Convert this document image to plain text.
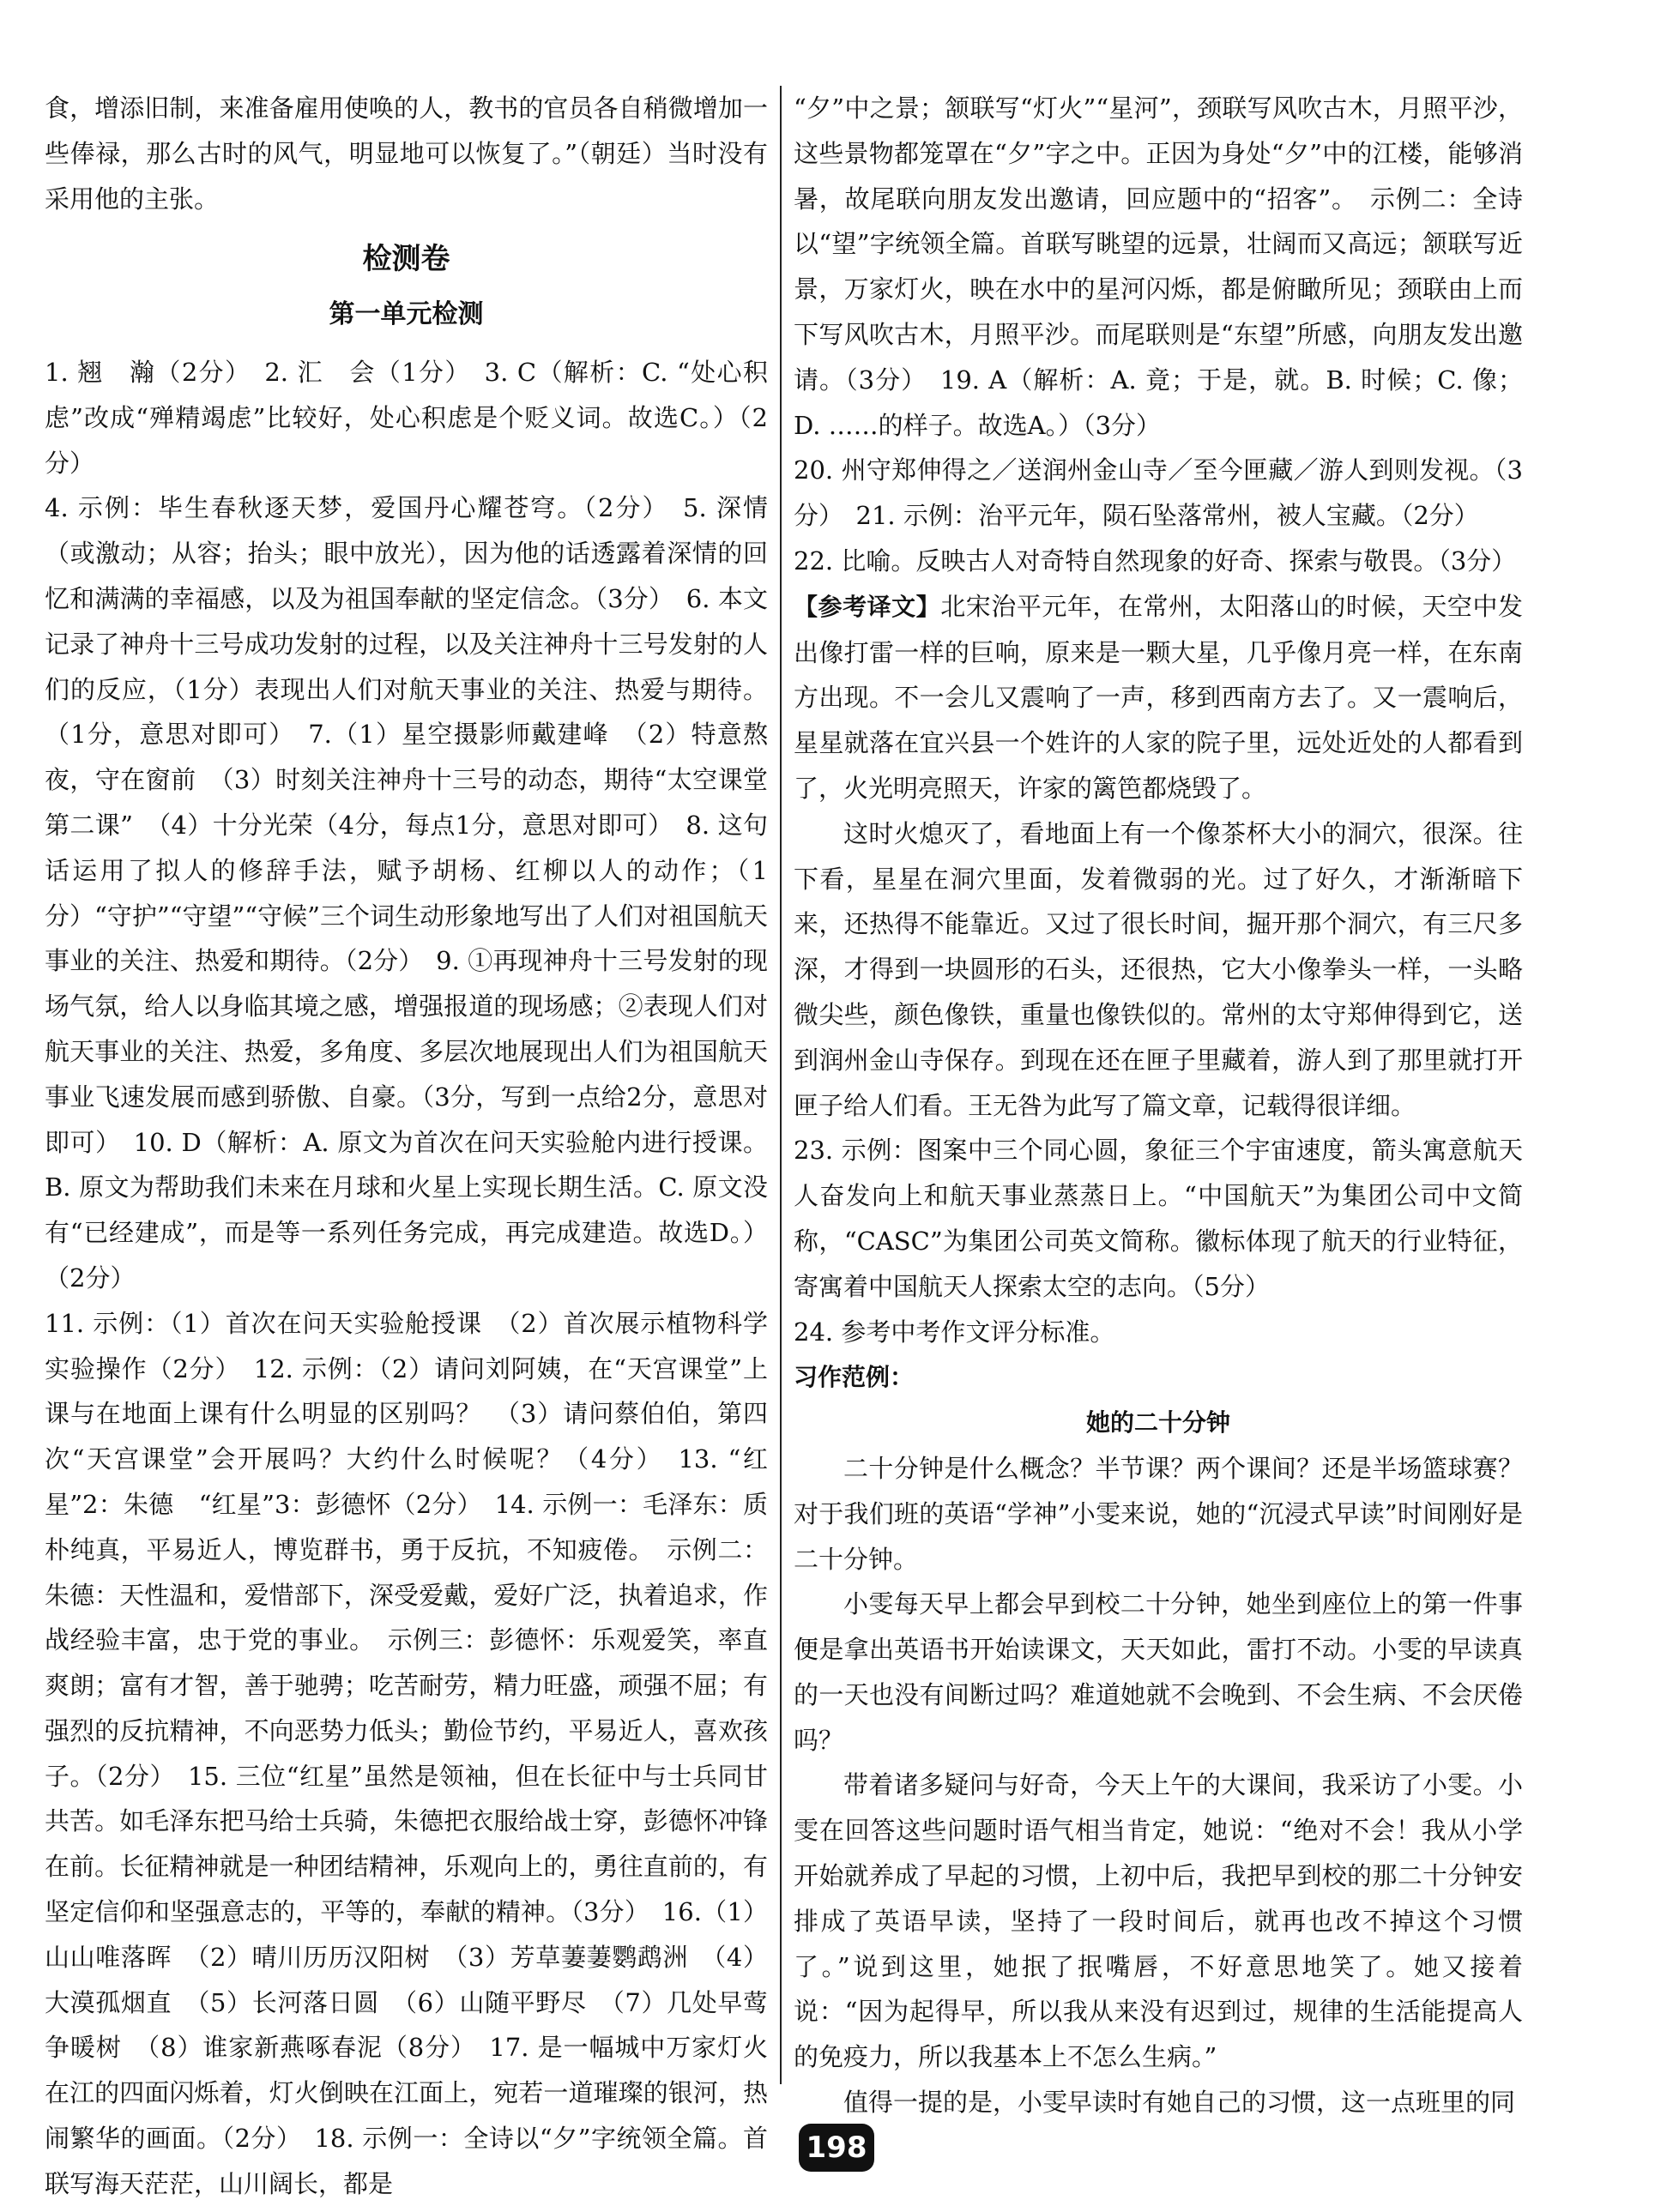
食，增添旧制，来准备雇用使唤的人，教书的官员各自稍微增加一些俸禄，那么古时的风气，明显地可以恢复了。”（朝廷）当时没有采用他的主张。

检测卷
第一单元检测

1. 翘　瀚（2分）　2. 汇　会（1分）　3. C（解析：C. “处心积虑”改成“殚精竭虑”比较好，处心积虑是个贬义词。故选C。）（2分）

4. 示例：毕生春秋逐天梦，爱国丹心耀苍穹。（2分）　5. 深情（或激动；从容；抬头；眼中放光），因为他的话透露着深情的回忆和满满的幸福感，以及为祖国奉献的坚定信念。（3分）　6. 本文记录了神舟十三号成功发射的过程，以及关注神舟十三号发射的人们的反应，（1分）表现出人们对航天事业的关注、热爱与期待。（1分，意思对即可）　7.（1）星空摄影师戴建峰　（2）特意熬夜，守在窗前　（3）时刻关注神舟十三号的动态，期待“太空课堂第二课”　（4）十分光荣（4分，每点1分，意思对即可）　8. 这句话运用了拟人的修辞手法，赋予胡杨、红柳以人的动作；（1分）“守护”“守望”“守候”三个词生动形象地写出了人们对祖国航天事业的关注、热爱和期待。（2分）　9. ①再现神舟十三号发射的现场气氛，给人以身临其境之感，增强报道的现场感；②表现人们对航天事业的关注、热爱，多角度、多层次地展现出人们为祖国航天事业飞速发展而感到骄傲、自豪。（3分，写到一点给2分，意思对即可）　10. D（解析：A. 原文为首次在问天实验舱内进行授课。B. 原文为帮助我们未来在月球和火星上实现长期生活。C. 原文没有“已经建成”，而是等一系列任务完成，再完成建造。故选D。）（2分）

11. 示例：（1）首次在问天实验舱授课　（2）首次展示植物科学实验操作（2分）　12. 示例：（2）请问刘阿姨，在“天宫课堂”上课与在地面上课有什么明显的区别吗？　（3）请问蔡伯伯，第四次“天宫课堂”会开展吗？大约什么时候呢？（4分）　13. “红星”2：朱德　“红星”3：彭德怀（2分）　14. 示例一：毛泽东：质朴纯真，平易近人，博览群书，勇于反抗，不知疲倦。　示例二：朱德：天性温和，爱惜部下，深受爱戴，爱好广泛，执着追求，作战经验丰富，忠于党的事业。　示例三：彭德怀：乐观爱笑，率直爽朗；富有才智，善于驰骋；吃苦耐劳，精力旺盛，顽强不屈；有强烈的反抗精神，不向恶势力低头；勤俭节约，平易近人，喜欢孩子。（2分）　15. 三位“红星”虽然是领袖，但在长征中与士兵同甘共苦。如毛泽东把马给士兵骑，朱德把衣服给战士穿，彭德怀冲锋在前。长征精神就是一种团结精神，乐观向上的，勇往直前的，有坚定信仰和坚强意志的，平等的，奉献的精神。（3分）　16.（1）山山唯落晖　（2）晴川历历汉阳树　（3）芳草萋萋鹦鹉洲　（4）大漠孤烟直　（5）长河落日圆　（6）山随平野尽　（7）几处早莺争暖树　（8）谁家新燕啄春泥（8分）　17. 是一幅城中万家灯火在江的四面闪烁着，灯火倒映在江面上，宛若一道璀璨的银河，热闹繁华的画面。（2分）　18. 示例一：全诗以“夕”字统领全篇。首联写海天茫茫，山川阔长，都是

“夕”中之景；颔联写“灯火”“星河”，颈联写风吹古木，月照平沙，这些景物都笼罩在“夕”字之中。正因为身处“夕”中的江楼，能够消暑，故尾联向朋友发出邀请，回应题中的“招客”。　示例二：全诗以“望”字统领全篇。首联写眺望的远景，壮阔而又高远；颔联写近景，万家灯火，映在水中的星河闪烁，都是俯瞰所见；颈联由上而下写风吹古木，月照平沙。而尾联则是“东望”所感，向朋友发出邀请。（3分）　19. A（解析：A. 竟；于是，就。B. 时候；C. 像；D. ……的样子。故选A。）（3分）

20. 州守郑伸得之／送润州金山寺／至今匣藏／游人到则发视。（3分）　21. 示例：治平元年，陨石坠落常州，被人宝藏。（2分）

22. 比喻。反映古人对奇特自然现象的好奇、探索与敬畏。（3分）

【参考译文】北宋治平元年，在常州，太阳落山的时候，天空中发出像打雷一样的巨响，原来是一颗大星，几乎像月亮一样，在东南方出现。不一会儿又震响了一声，移到西南方去了。又一震响后，星星就落在宜兴县一个姓许的人家的院子里，远处近处的人都看到了，火光明亮照天，许家的篱笆都烧毁了。

这时火熄灭了，看地面上有一个像茶杯大小的洞穴，很深。往下看，星星在洞穴里面，发着微弱的光。过了好久，才渐渐暗下来，还热得不能靠近。又过了很长时间，掘开那个洞穴，有三尺多深，才得到一块圆形的石头，还很热，它大小像拳头一样，一头略微尖些，颜色像铁，重量也像铁似的。常州的太守郑伸得到它，送到润州金山寺保存。到现在还在匣子里藏着，游人到了那里就打开匣子给人们看。王无咎为此写了篇文章，记载得很详细。

23. 示例：图案中三个同心圆，象征三个宇宙速度，箭头寓意航天人奋发向上和航天事业蒸蒸日上。“中国航天”为集团公司中文简称，“CASC”为集团公司英文简称。徽标体现了航天的行业特征，寄寓着中国航天人探索太空的志向。（5分）

24. 参考中考作文评分标准。

习作范例：

她的二十分钟

二十分钟是什么概念？半节课？两个课间？还是半场篮球赛？对于我们班的英语“学神”小雯来说，她的“沉浸式早读”时间刚好是二十分钟。

小雯每天早上都会早到校二十分钟，她坐到座位上的第一件事便是拿出英语书开始读课文，天天如此，雷打不动。小雯的早读真的一天也没有间断过吗？难道她就不会晚到、不会生病、不会厌倦吗？

带着诸多疑问与好奇，今天上午的大课间，我采访了小雯。小雯在回答这些问题时语气相当肯定，她说：“绝对不会！我从小学开始就养成了早起的习惯，上初中后，我把早到校的那二十分钟安排成了英语早读，坚持了一段时间后，就再也改不掉这个习惯了。”说到这里，她抿了抿嘴唇，不好意思地笑了。她又接着说：“因为起得早，所以我从来没有迟到过，规律的生活能提高人的免疫力，所以我基本上不怎么生病。”

值得一提的是，小雯早读时有她自己的习惯，这一点班里的同

198
